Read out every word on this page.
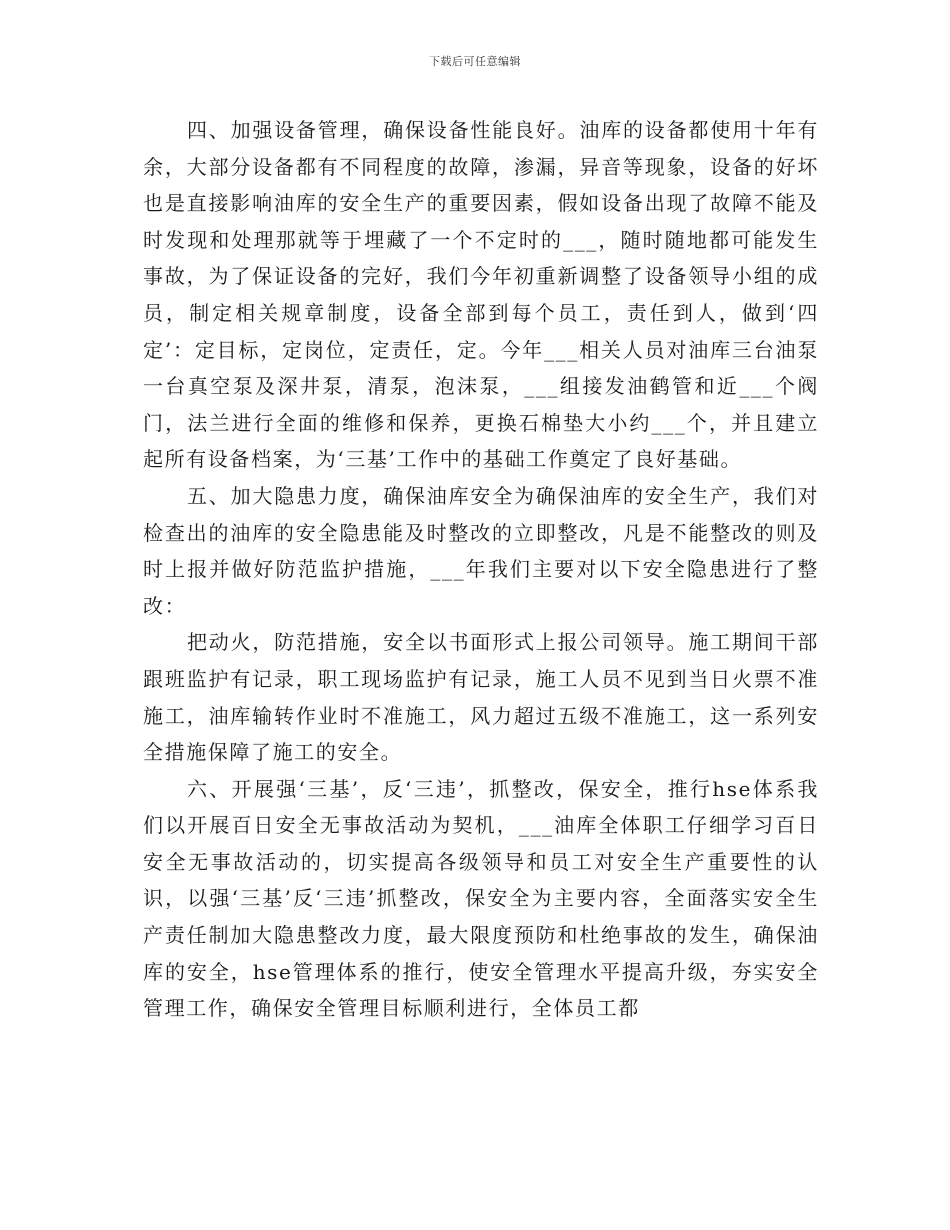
下载后可任意编辑

四、加强设备管理，确保设备性能良好。油库的设备都使用十年有余，大部分设备都有不同程度的故障，渗漏，异音等现象，设备的好坏也是直接影响油库的安全生产的重要因素，假如设备出现了故障不能及时发现和处理那就等于埋藏了一个不定时的___，随时随地都可能发生事故，为了保证设备的完好，我们今年初重新调整了设备领导小组的成员，制定相关规章制度，设备全部到每个员工，责任到人，做到‘四定’：定目标，定岗位，定责任，定。今年___相关人员对油库三台油泵一台真空泵及深井泵，清泵，泡沫泵，___组接发油鹤管和近___个阀门，法兰进行全面的维修和保养，更换石棉垫大小约___个，并且建立起所有设备档案，为‘三基’工作中的基础工作奠定了良好基础。

五、加大隐患力度，确保油库安全为确保油库的安全生产，我们对检查出的油库的安全隐患能及时整改的立即整改，凡是不能整改的则及时上报并做好防范监护措施，___年我们主要对以下安全隐患进行了整改：

把动火，防范措施，安全以书面形式上报公司领导。施工期间干部跟班监护有记录，职工现场监护有记录，施工人员不见到当日火票不准施工，油库输转作业时不准施工，风力超过五级不准施工，这一系列安全措施保障了施工的安全。

六、开展强‘三基’，反‘三违’，抓整改，保安全，推行hse体系我们以开展百日安全无事故活动为契机，___油库全体职工仔细学习百日安全无事故活动的，切实提高各级领导和员工对安全生产重要性的认识，以强‘三基’反‘三违’抓整改，保安全为主要内容，全面落实安全生产责任制加大隐患整改力度，最大限度预防和杜绝事故的发生，确保油库的安全，hse管理体系的推行，使安全管理水平提高升级，夯实安全管理工作，确保安全管理目标顺利进行，全体员工都
